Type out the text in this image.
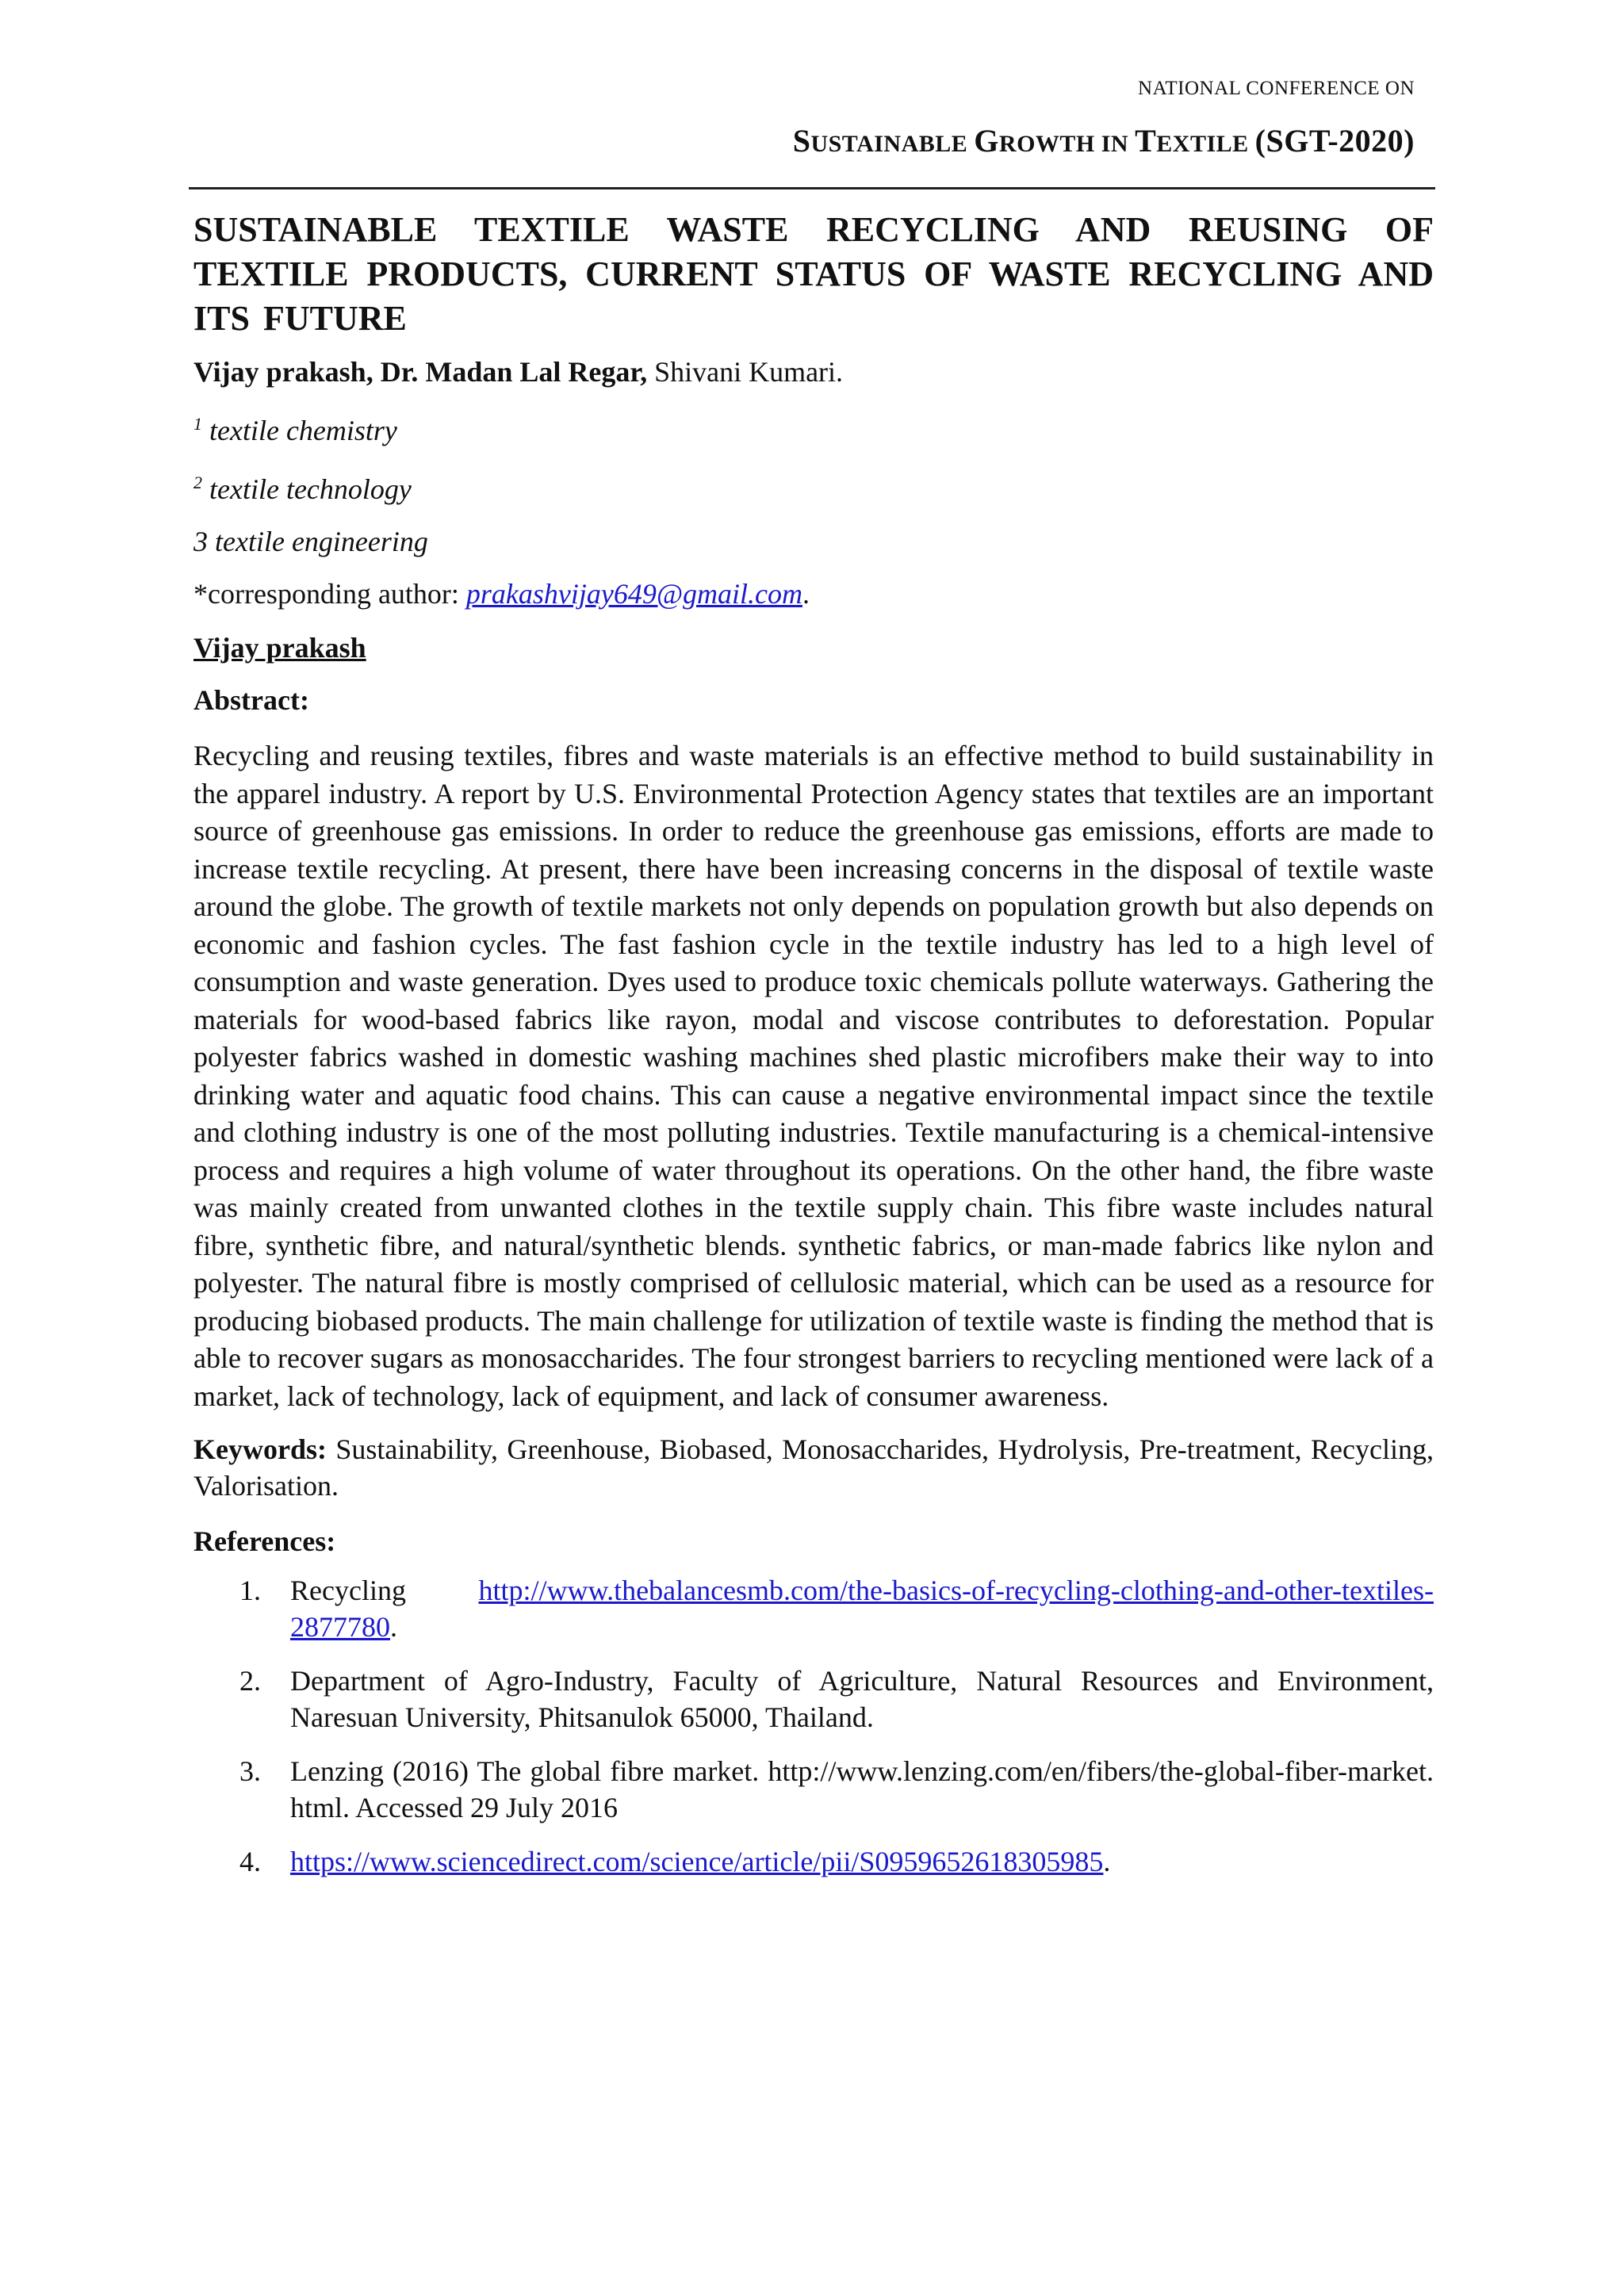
NATIONAL CONFERENCE ON
SUSTAINABLE GROWTH IN TEXTILE (SGT-2020)
SUSTAINABLE TEXTILE WASTE RECYCLING AND REUSING OF TEXTILE PRODUCTS, CURRENT STATUS OF WASTE RECYCLING AND ITS FUTURE
Vijay prakash, Dr. Madan Lal Regar, Shivani Kumari.
$^1$ textile chemistry
$^2$ textile technology
3 textile engineering
*corresponding author: prakashvijay649@gmail.com.
Vijay prakash
Abstract:

Recycling and reusing textiles, fibres and waste materials is an effective method to build sustainability in the apparel industry. A report by U.S. Environmental Protection Agency states that textiles are an important source of greenhouse gas emissions. In order to reduce the greenhouse gas emissions, efforts are made to increase textile recycling. At present, there have been increasing concerns in the disposal of textile waste around the globe. The growth of textile markets not only depends on population growth but also depends on economic and fashion cycles. The fast fashion cycle in the textile industry has led to a high level of consumption and waste generation. Dyes used to produce toxic chemicals pollute waterways. Gathering the materials for wood-based fabrics like rayon, modal and viscose contributes to deforestation. Popular polyester fabrics washed in domestic washing machines shed plastic microfibers make their way to into drinking water and aquatic food chains. This can cause a negative environmental impact since the textile and clothing industry is one of the most polluting industries. Textile manufacturing is a chemical-intensive process and requires a high volume of water throughout its operations. On the other hand, the fibre waste was mainly created from unwanted clothes in the textile supply chain. This fibre waste includes natural fibre, synthetic fibre, and natural/synthetic blends. synthetic fabrics, or man-made fabrics like nylon and polyester. The natural fibre is mostly comprised of cellulosic material, which can be used as a resource for producing biobased products. The main challenge for utilization of textile waste is finding the method that is able to recover sugars as monosaccharides. The four strongest barriers to recycling mentioned were lack of a market, lack of technology, lack of equipment, and lack of consumer awareness.

Keywords: Sustainability, Greenhouse, Biobased, Monosaccharides, Hydrolysis, Pre-treatment, Recycling, Valorisation.

References:
1. Recycling http://www.thebalancesmb.com/the-basics-of-recycling-clothing-and-other-textiles-2877780.
2. Department of Agro-Industry, Faculty of Agriculture, Natural Resources and Environment, Naresuan University, Phitsanulok 65000, Thailand.
3. Lenzing (2016) The global fibre market. http://www.lenzing.com/en/fibers/the-global-fiber-market. html. Accessed 29 July 2016
4. https://www.sciencedirect.com/science/article/pii/S0959652618305985.
